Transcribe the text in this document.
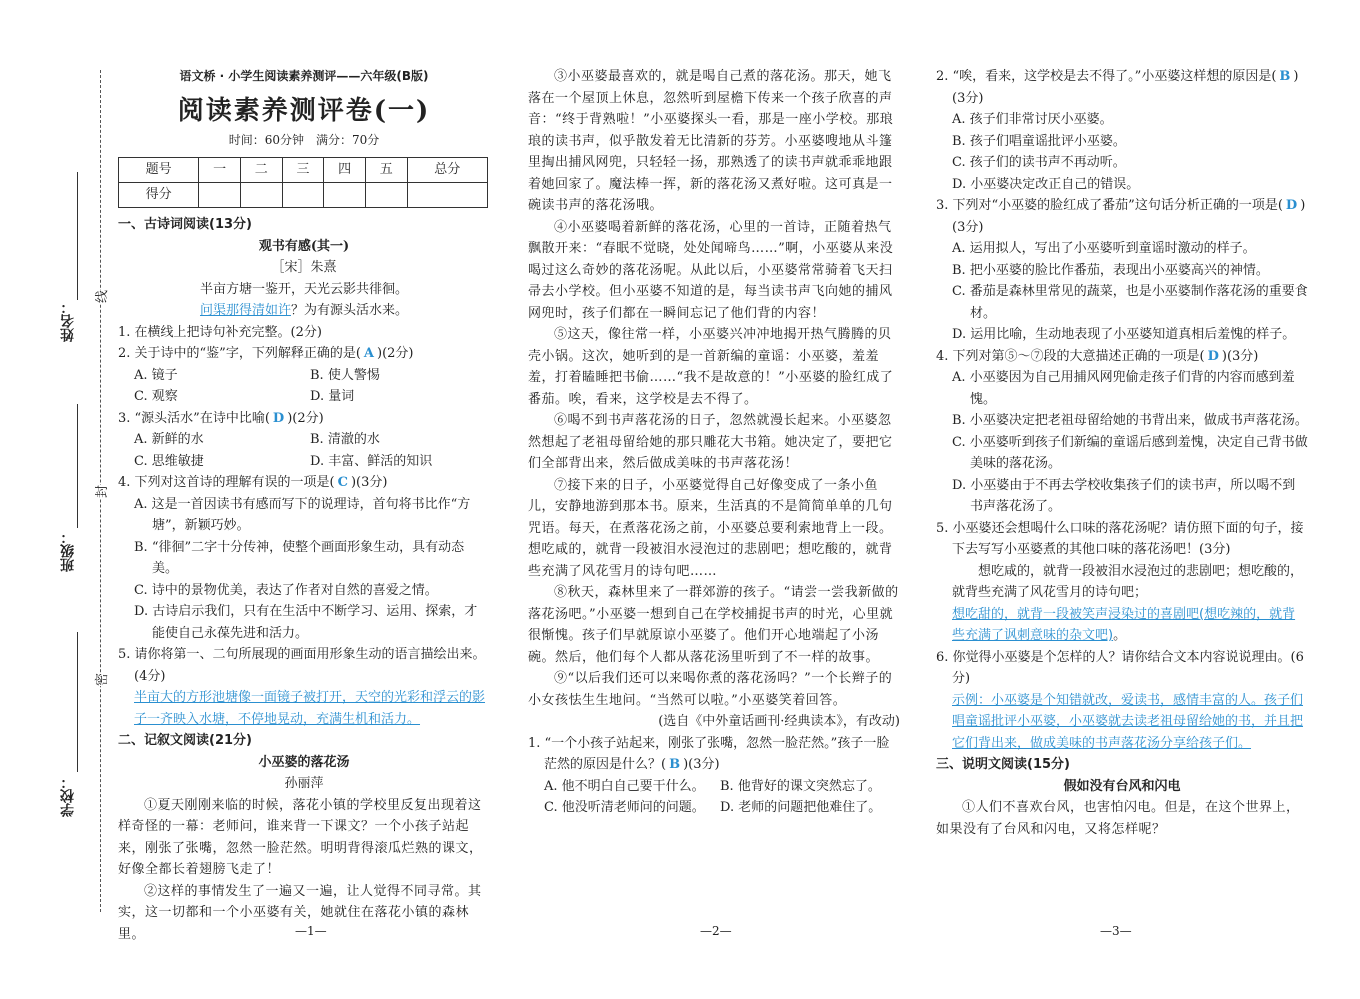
姓名：
班级：
学校：
线
封
密
语文桥 · 小学生阅读素养测评——六年级(B版)
阅读素养测评卷(一)
时间：60分钟　满分：70分
题号	一	二	三	四	五	总分
得分						
一、古诗词阅读(13分)
观书有感(其一)
［宋］朱熹
半亩方塘一鉴开，天光云影共徘徊。
问渠那得清如许？为有源头活水来。
1. 在横线上把诗句补充完整。(2分)
2. 关于诗中的“鉴”字，下列解释正确的是( A )(2分)
A. 镜子	B. 使人警惕
C. 观察	D. 量词
3. “源头活水”在诗中比喻( D )(2分)
A. 新鲜的水	B. 清澈的水
C. 思维敏捷	D. 丰富、鲜活的知识
4. 下列对这首诗的理解有误的一项是( C )(3分)
A. 这是一首因读书有感而写下的说理诗，首句将书比作“方塘”，新颖巧妙。
B. “徘徊”二字十分传神，使整个画面形象生动，具有动态美。
C. 诗中的景物优美，表达了作者对自然的喜爱之情。
D. 古诗启示我们，只有在生活中不断学习、运用、探索，才能使自己永葆先进和活力。
5. 请你将第一、二句所展现的画面用形象生动的语言描绘出来。(4分)
半亩大的方形池塘像一面镜子被打开，天空的光彩和浮云的影子一齐映入水塘，不停地晃动，充满生机和活力。
二、记叙文阅读(21分)
小巫婆的落花汤
孙丽萍

①夏天刚刚来临的时候，落花小镇的学校里反复出现着这样奇怪的一幕：老师问，谁来背一下课文？一个小孩子站起来，刚张了张嘴，忽然一脸茫然。明明背得滚瓜烂熟的课文，好像全都长着翅膀飞走了！

②这样的事情发生了一遍又一遍，让人觉得不同寻常。其实，这一切都和一个小巫婆有关，她就住在落花小镇的森林里。

③小巫婆最喜欢的，就是喝自己煮的落花汤。那天，她飞落在一个屋顶上休息，忽然听到屋檐下传来一个孩子欣喜的声音：“终于背熟啦！”小巫婆探头一看，那是一座小学校。那琅琅的读书声，似乎散发着无比清新的芬芳。小巫婆嗖地从斗篷里掏出捕风网兜，只轻轻一扬，那熟透了的读书声就乖乖地跟着她回家了。魔法棒一挥，新的落花汤又煮好啦。这可真是一碗读书声的落花汤哦。

④小巫婆喝着新鲜的落花汤，心里的一首诗，正随着热气飘散开来：“春眠不觉晓，处处闻啼鸟……”啊，小巫婆从来没喝过这么奇妙的落花汤呢。从此以后，小巫婆常常骑着飞天扫帚去小学校。但小巫婆不知道的是，每当读书声飞向她的捕风网兜时，孩子们都在一瞬间忘记了他们背的内容！

⑤这天，像往常一样，小巫婆兴冲冲地揭开热气腾腾的贝壳小锅。这次，她听到的是一首新编的童谣：小巫婆，羞羞羞，打着瞌睡把书偷……“我不是故意的！”小巫婆的脸红成了番茄。唉，看来，这学校是去不得了。

⑥喝不到书声落花汤的日子，忽然就漫长起来。小巫婆忽然想起了老祖母留给她的那只雕花大书箱。她决定了，要把它们全部背出来，然后做成美味的书声落花汤！

⑦接下来的日子，小巫婆觉得自己好像变成了一条小鱼儿，安静地游到那本书。原来，生活真的不是简简单单的几句咒语。每天，在煮落花汤之前，小巫婆总要利索地背上一段。想吃咸的，就背一段被泪水浸泡过的悲剧吧；想吃酸的，就背些充满了风花雪月的诗句吧……

⑧秋天，森林里来了一群郊游的孩子。“请尝一尝我新做的落花汤吧。”小巫婆一想到自己在学校捕捉书声的时光，心里就很惭愧。孩子们早就原谅小巫婆了。他们开心地端起了小汤碗。然后，他们每个人都从落花汤里听到了不一样的故事。

⑨“以后我们还可以来喝你煮的落花汤吗？”一个长辫子的小女孩怯生生地问。“当然可以啦。”小巫婆笑着回答。

(选自《中外童话画刊·经典读本》，有改动)
1. “一个小孩子站起来，刚张了张嘴，忽然一脸茫然。”孩子一脸茫然的原因是什么？( B )(3分)
A. 他不明白自己要干什么。	B. 他背好的课文突然忘了。
C. 他没听清老师问的问题。	D. 老师的问题把他难住了。
2. “唉，看来，这学校是去不得了。”小巫婆这样想的原因是( B )(3分)
A. 孩子们非常讨厌小巫婆。
B. 孩子们唱童谣批评小巫婆。
C. 孩子们的读书声不再动听。
D. 小巫婆决定改正自己的错误。
3. 下列对“小巫婆的脸红成了番茄”这句话分析正确的一项是( D )(3分)
A. 运用拟人，写出了小巫婆听到童谣时激动的样子。
B. 把小巫婆的脸比作番茄，表现出小巫婆高兴的神情。
C. 番茄是森林里常见的蔬菜，也是小巫婆制作落花汤的重要食材。
D. 运用比喻，生动地表现了小巫婆知道真相后羞愧的样子。
4. 下列对第⑤～⑦段的大意描述正确的一项是( D )(3分)
A. 小巫婆因为自己用捕风网兜偷走孩子们背的内容而感到羞愧。
B. 小巫婆决定把老祖母留给她的书背出来，做成书声落花汤。
C. 小巫婆听到孩子们新编的童谣后感到羞愧，决定自己背书做美味的落花汤。
D. 小巫婆由于不再去学校收集孩子们的读书声，所以喝不到书声落花汤了。
5. 小巫婆还会想喝什么口味的落花汤呢？请仿照下面的句子，接下去写写小巫婆煮的其他口味的落花汤吧！(3分)
想吃咸的，就背一段被泪水浸泡过的悲剧吧；想吃酸的，就背些充满了风花雪月的诗句吧；想吃甜的，就背一段被笑声浸染过的喜剧吧(想吃辣的，就背些充满了讽刺意味的杂文吧)。
6. 你觉得小巫婆是个怎样的人？请你结合文本内容说说理由。(6分)
示例：小巫婆是个知错就改，爱读书，感情丰富的人。孩子们唱童谣批评小巫婆，小巫婆就去读老祖母留给她的书，并且把它们背出来，做成美味的书声落花汤分享给孩子们。
三、说明文阅读(15分)
假如没有台风和闪电

①人们不喜欢台风，也害怕闪电。但是，在这个世界上，如果没有了台风和闪电，又将怎样呢？

—1—	—2—	—3—
